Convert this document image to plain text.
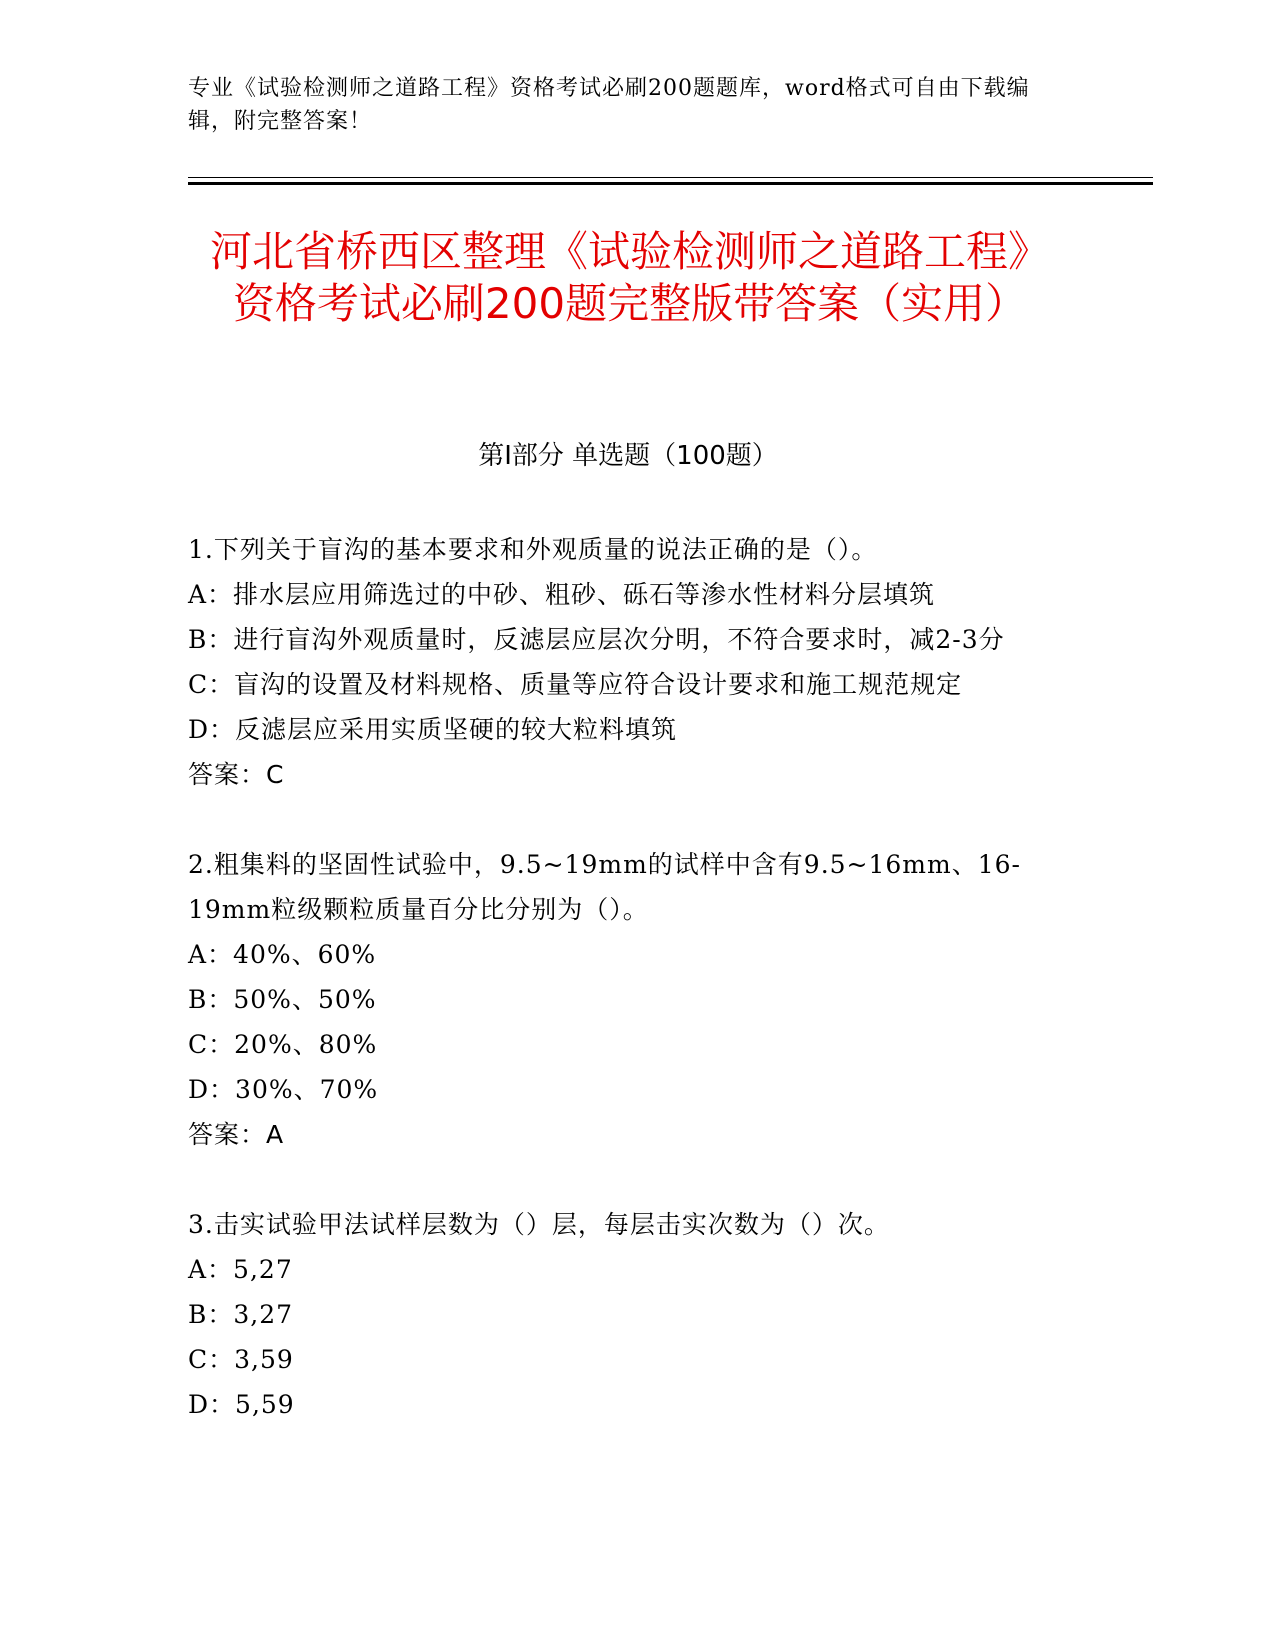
专业《试验检测师之道路工程》资格考试必刷200题题库，word格式可自由下载编辑，附完整答案！
河北省桥西区整理《试验检测师之道路工程》资格考试必刷200题完整版带答案（实用）
第I部分 单选题（100题）

1.下列关于盲沟的基本要求和外观质量的说法正确的是（）。

A：排水层应用筛选过的中砂、粗砂、砾石等渗水性材料分层填筑

B：进行盲沟外观质量时，反滤层应层次分明，不符合要求时，减2-3分

C：盲沟的设置及材料规格、质量等应符合设计要求和施工规范规定

D：反滤层应采用实质坚硬的较大粒料填筑

答案：C

2.粗集料的坚固性试验中，9.5~19mm的试样中含有9.5~16mm、16-19mm粒级颗粒质量百分比分别为（）。

A：40%、60%

B：50%、50%

C：20%、80%

D：30%、70%

答案：A

3.击实试验甲法试样层数为（）层，每层击实次数为（）次。

A：5,27

B：3,27

C：3,59

D：5,59
